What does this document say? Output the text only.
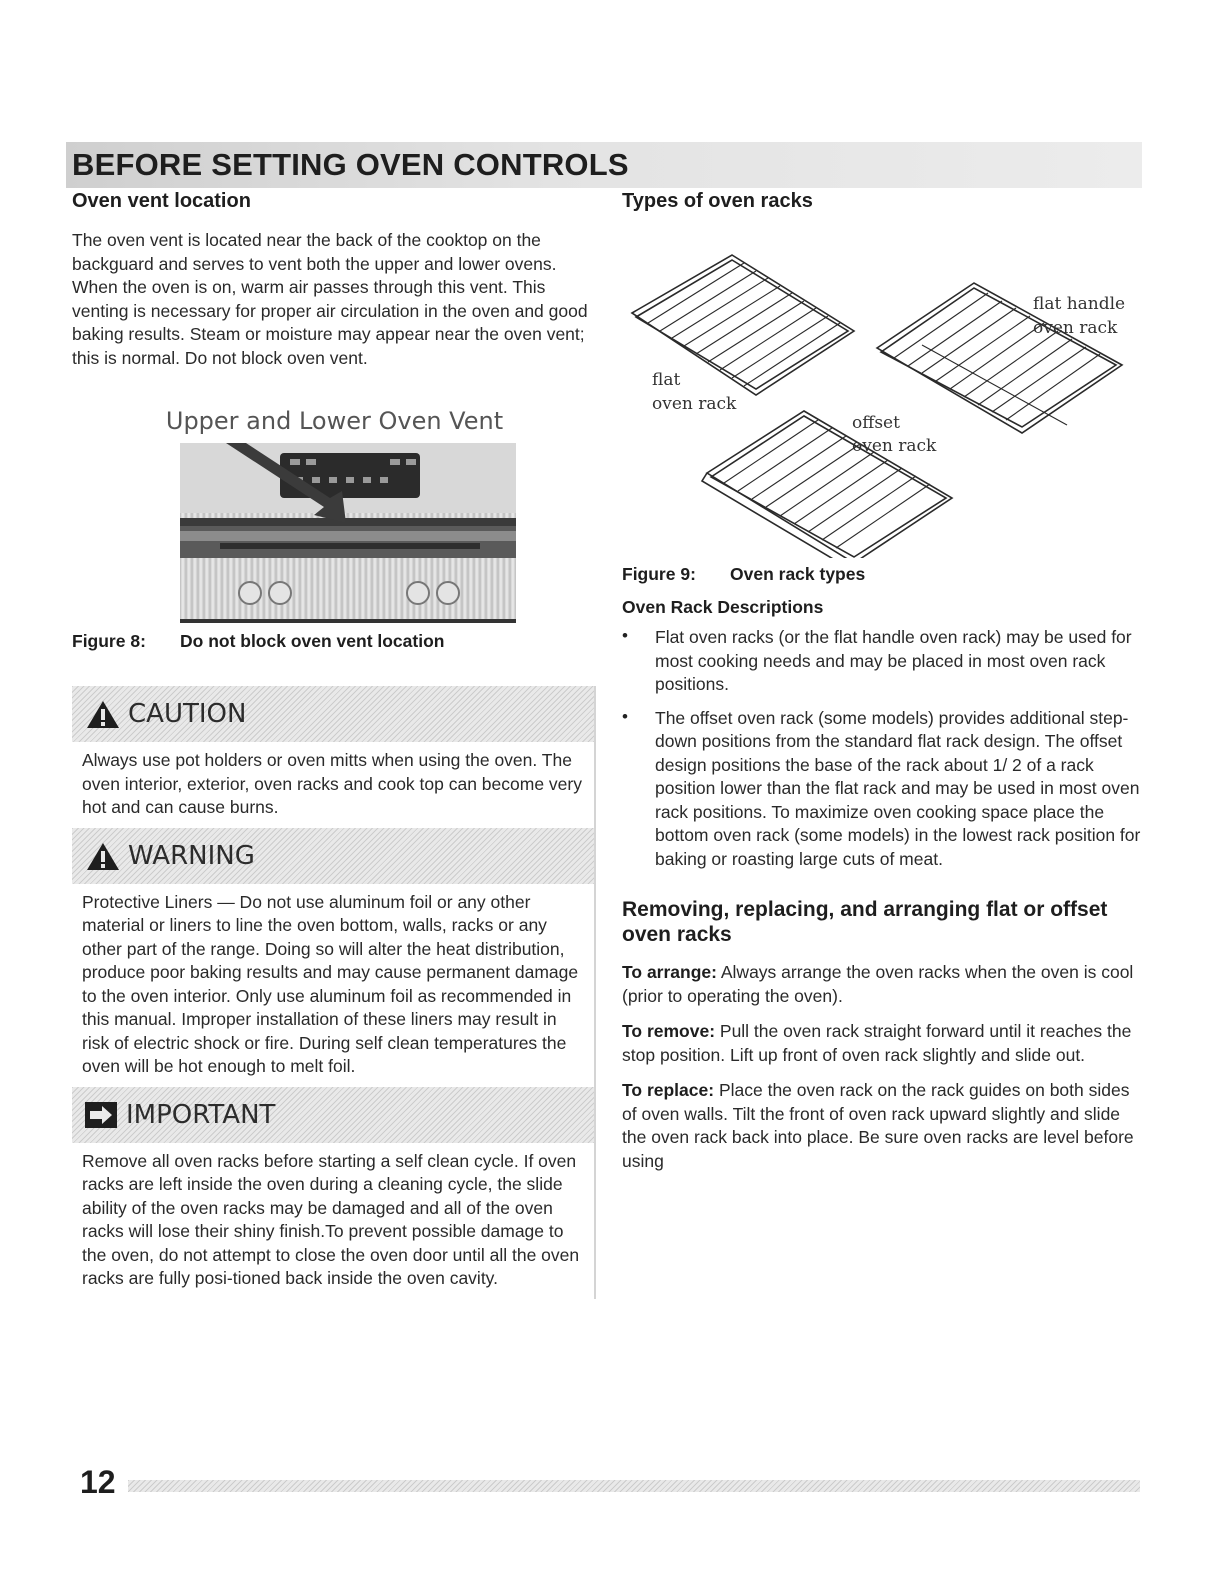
BEFORE SETTING OVEN CONTROLS
Oven vent location

The oven vent is located near the back of the cooktop on the backguard and serves to vent both the upper and lower ovens. When the oven is on, warm air passes through this vent. This venting is necessary for proper air circulation in the oven and good baking results. Steam or moisture may appear near the oven vent; this is normal. Do not block oven vent.

Upper and Lower Oven Vent
Figure 8: Do not block oven vent location
CAUTION

Always use pot holders or oven mitts when using the oven. The oven interior, exterior, oven racks and cook top can become very hot and can cause burns.

WARNING

Protective Liners — Do not use aluminum foil or any other material or liners to line the oven bottom, walls, racks or any other part of the range. Doing so will alter the heat distribution, produce poor baking results and may cause permanent damage to the oven interior. Only use aluminum foil as recommended in this manual. Improper installation of these liners may result in risk of electric shock or fire. During self clean temperatures the oven will be hot enough to melt foil.

IMPORTANT

Remove all oven racks before starting a self clean cycle. If oven racks are left inside the oven during a cleaning cycle, the slide ability of the oven racks may be damaged and all of the oven racks will lose their shiny finish.To prevent possible damage to the oven, do not attempt to close the oven door until all the oven racks are fully posi-tioned back inside the oven cavity.

Types of oven racks
flat
oven rack
offset
oven rack
flat handle
oven rack
Figure 9: Oven rack types
Oven Rack Descriptions
• Flat oven racks (or the flat handle oven rack) may be used for most cooking needs and may be placed in most oven rack positions.

• The offset oven rack (some models) provides additional step-down positions from the standard flat rack design. The offset design positions the base of the rack about 1/ 2 of a rack position lower than the flat rack and may be used in most oven rack positions. To maximize oven cooking space place the bottom oven rack (some models) in the lowest rack position for baking or roasting large cuts of meat.

Removing, replacing, and arranging flat or offset oven racks

To arrange: Always arrange the oven racks when the oven is cool (prior to operating the oven).

To remove: Pull the oven rack straight forward until it reaches the stop position. Lift up front of oven rack slightly and slide out.

To replace: Place the oven rack on the rack guides on both sides of oven walls. Tilt the front of oven rack upward slightly and slide the oven rack back into place. Be sure oven racks are level before using

12
